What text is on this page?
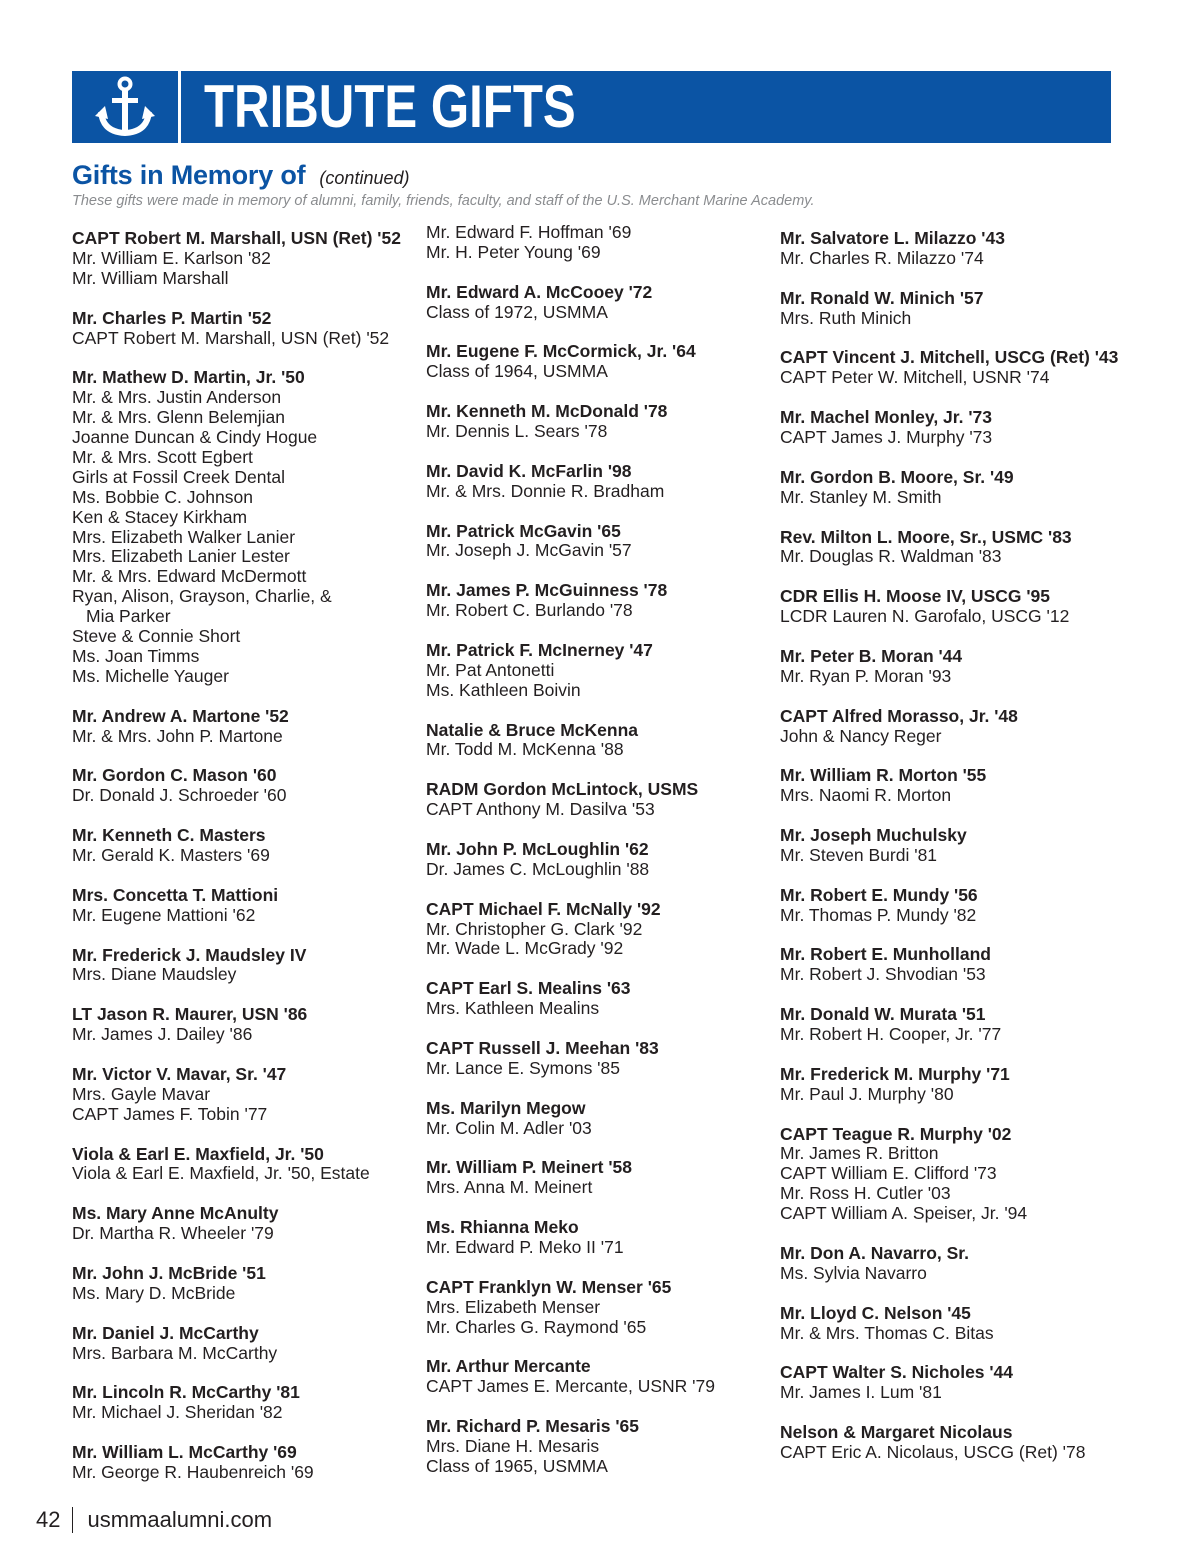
TRIBUTE GIFTS
Gifts in Memory of (continued)
These gifts were made in memory of alumni, family, friends, faculty, and staff of the U.S. Merchant Marine Academy.
CAPT Robert M. Marshall, USN (Ret) '52
Mr. William E. Karlson '82
Mr. William Marshall
Mr. Charles P. Martin '52
CAPT Robert M. Marshall, USN (Ret) '52
Mr. Mathew D. Martin, Jr. '50
Mr. & Mrs. Justin Anderson
Mr. & Mrs. Glenn Belemjian
Joanne Duncan & Cindy Hogue
Mr. & Mrs. Scott Egbert
Girls at Fossil Creek Dental
Ms. Bobbie C. Johnson
Ken & Stacey Kirkham
Mrs. Elizabeth Walker Lanier
Mrs. Elizabeth Lanier Lester
Mr. & Mrs. Edward McDermott
Ryan, Alison, Grayson, Charlie, &
Mia Parker
Steve & Connie Short
Ms. Joan Timms
Ms. Michelle Yauger
Mr. Andrew A. Martone '52
Mr. & Mrs. John P. Martone
Mr. Gordon C. Mason '60
Dr. Donald J. Schroeder '60
Mr. Kenneth C. Masters
Mr. Gerald K. Masters '69
Mrs. Concetta T. Mattioni
Mr. Eugene Mattioni '62
Mr. Frederick J. Maudsley IV
Mrs. Diane Maudsley
LT Jason R. Maurer, USN '86
Mr. James J. Dailey '86
Mr. Victor V. Mavar, Sr. '47
Mrs. Gayle Mavar
CAPT James F. Tobin '77
Viola & Earl E. Maxfield, Jr. '50
Viola & Earl E. Maxfield, Jr. '50, Estate
Ms. Mary Anne McAnulty
Dr. Martha R. Wheeler '79
Mr. John J. McBride '51
Ms. Mary D. McBride
Mr. Daniel J. McCarthy
Mrs. Barbara M. McCarthy
Mr. Lincoln R. McCarthy '81
Mr. Michael J. Sheridan '82
Mr. William L. McCarthy '69
Mr. George R. Haubenreich '69
Mr. Edward F. Hoffman '69
Mr. H. Peter Young '69
Mr. Edward A. McCooey '72
Class of 1972, USMMA
Mr. Eugene F. McCormick, Jr. '64
Class of 1964, USMMA
Mr. Kenneth M. McDonald '78
Mr. Dennis L. Sears '78
Mr. David K. McFarlin '98
Mr. & Mrs. Donnie R. Bradham
Mr. Patrick McGavin '65
Mr. Joseph J. McGavin '57
Mr. James P. McGuinness '78
Mr. Robert C. Burlando '78
Mr. Patrick F. McInerney '47
Mr. Pat Antonetti
Ms. Kathleen Boivin
Natalie & Bruce McKenna
Mr. Todd M. McKenna '88
RADM Gordon McLintock, USMS
CAPT Anthony M. Dasilva '53
Mr. John P. McLoughlin '62
Dr. James C. McLoughlin '88
CAPT Michael F. McNally '92
Mr. Christopher G. Clark '92
Mr. Wade L. McGrady '92
CAPT Earl S. Mealins '63
Mrs. Kathleen Mealins
CAPT Russell J. Meehan '83
Mr. Lance E. Symons '85
Ms. Marilyn Megow
Mr. Colin M. Adler '03
Mr. William P. Meinert '58
Mrs. Anna M. Meinert
Ms. Rhianna Meko
Mr. Edward P. Meko II '71
CAPT Franklyn W. Menser '65
Mrs. Elizabeth Menser
Mr. Charles G. Raymond '65
Mr. Arthur Mercante
CAPT James E. Mercante, USNR '79
Mr. Richard P. Mesaris '65
Mrs. Diane H. Mesaris
Class of 1965, USMMA
Mr. Salvatore L. Milazzo '43
Mr. Charles R. Milazzo '74
Mr. Ronald W. Minich '57
Mrs. Ruth Minich
CAPT Vincent J. Mitchell, USCG (Ret) '43
CAPT Peter W. Mitchell, USNR '74
Mr. Machel Monley, Jr. '73
CAPT James J. Murphy '73
Mr. Gordon B. Moore, Sr. '49
Mr. Stanley M. Smith
Rev. Milton L. Moore, Sr., USMC '83
Mr. Douglas R. Waldman '83
CDR Ellis H. Moose IV, USCG '95
LCDR Lauren N. Garofalo, USCG '12
Mr. Peter B. Moran '44
Mr. Ryan P. Moran '93
CAPT Alfred Morasso, Jr. '48
John & Nancy Reger
Mr. William R. Morton '55
Mrs. Naomi R. Morton
Mr. Joseph Muchulsky
Mr. Steven Burdi '81
Mr. Robert E. Mundy '56
Mr. Thomas P. Mundy '82
Mr. Robert E. Munholland
Mr. Robert J. Shvodian '53
Mr. Donald W. Murata '51
Mr. Robert H. Cooper, Jr. '77
Mr. Frederick M. Murphy '71
Mr. Paul J. Murphy '80
CAPT Teague R. Murphy '02
Mr. James R. Britton
CAPT William E. Clifford '73
Mr. Ross H. Cutler '03
CAPT William A. Speiser, Jr. '94
Mr. Don A. Navarro, Sr.
Ms. Sylvia Navarro
Mr. Lloyd C. Nelson '45
Mr. & Mrs. Thomas C. Bitas
CAPT Walter S. Nicholes '44
Mr. James I. Lum '81
Nelson & Margaret Nicolaus
CAPT Eric A. Nicolaus, USCG (Ret) '78
42 usmmaalumni.com
